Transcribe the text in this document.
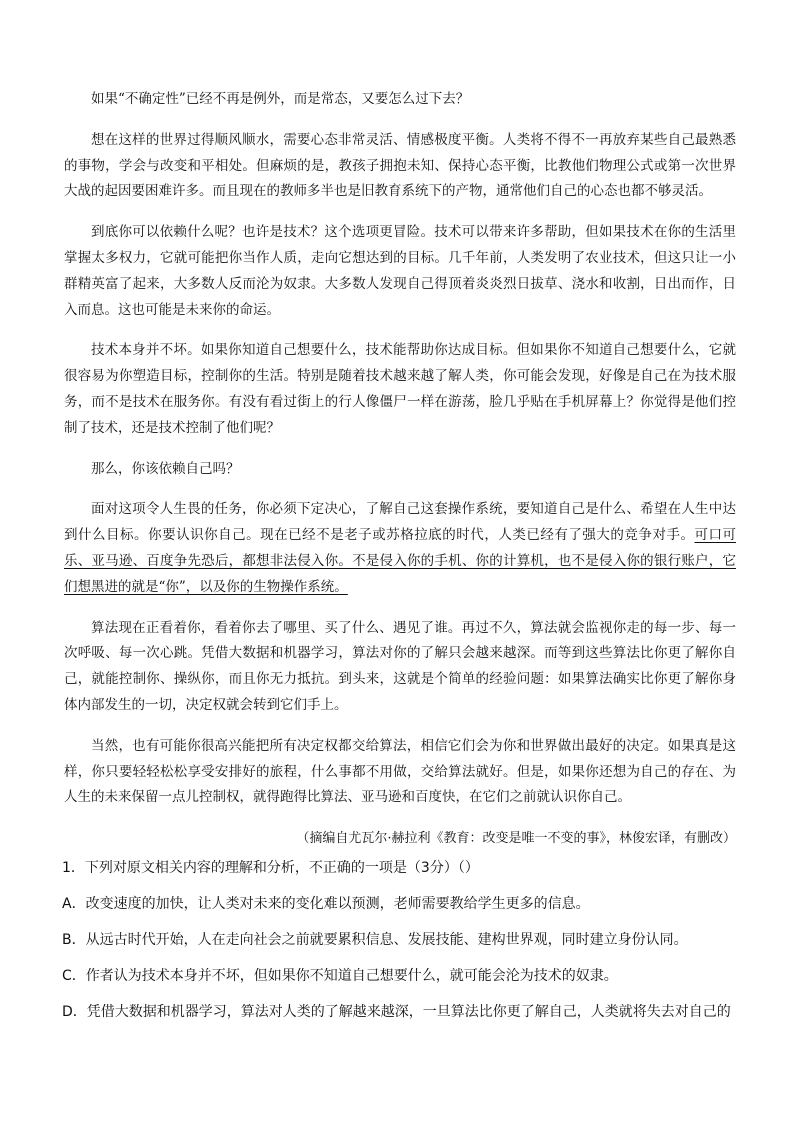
如果“不确定性”已经不再是例外，而是常态，又要怎么过下去？

想在这样的世界过得顺风顺水，需要心态非常灵活、情感极度平衡。人类将不得不一再放弃某些自己最熟悉的事物，学会与改变和平相处。但麻烦的是，教孩子拥抱未知、保持心态平衡，比教他们物理公式或第一次世界大战的起因要困难许多。而且现在的教师多半也是旧教育系统下的产物，通常他们自己的心态也都不够灵活。

到底你可以依赖什么呢？也许是技术？这个选项更冒险。技术可以带来许多帮助，但如果技术在你的生活里掌握太多权力，它就可能把你当作人质，走向它想达到的目标。几千年前，人类发明了农业技术，但这只让一小群精英富了起来，大多数人反而沦为奴隶。大多数人发现自己得顶着炎炎烈日拔草、浇水和收割，日出而作，日入而息。这也可能是未来你的命运。

技术本身并不坏。如果你知道自己想要什么，技术能帮助你达成目标。但如果你不知道自己想要什么，它就很容易为你塑造目标，控制你的生活。特别是随着技术越来越了解人类，你可能会发现，好像是自己在为技术服务，而不是技术在服务你。有没有看过街上的行人像僵尸一样在游荡，脸几乎贴在手机屏幕上？你觉得是他们控制了技术，还是技术控制了他们呢？

那么，你该依赖自己吗？

面对这项令人生畏的任务，你必须下定决心，了解自己这套操作系统，要知道自己是什么、希望在人生中达到什么目标。你要认识你自己。现在已经不是老子或苏格拉底的时代，人类已经有了强大的竞争对手。可口可乐、亚马逊、百度争先恐后，都想非法侵入你。不是侵入你的手机、你的计算机，也不是侵入你的银行账户，它们想黑进的就是“你”，以及你的生物操作系统。

算法现在正看着你，看着你去了哪里、买了什么、遇见了谁。再过不久，算法就会监视你走的每一步、每一次呼吸、每一次心跳。凭借大数据和机器学习，算法对你的了解只会越来越深。而等到这些算法比你更了解你自己，就能控制你、操纵你，而且你无力抵抗。到头来，这就是个简单的经验问题：如果算法确实比你更了解你身体内部发生的一切，决定权就会转到它们手上。

当然，也有可能你很高兴能把所有决定权都交给算法，相信它们会为你和世界做出最好的决定。如果真是这样，你只要轻轻松松享受安排好的旅程，什么事都不用做，交给算法就好。但是，如果你还想为自己的存在、为人生的未来保留一点儿控制权，就得跑得比算法、亚马逊和百度快，在它们之前就认识你自己。

（摘编自尤瓦尔·赫拉利《教育：改变是唯一不变的事》，林俊宏译，有删改）

1．下列对原文相关内容的理解和分析，不正确的一项是（3分）（）
A．改变速度的加快，让人类对未来的变化难以预测，老师需要教给学生更多的信息。
B．从远古时代开始，人在走向社会之前就要累积信息、发展技能、建构世界观，同时建立身份认同。
C．作者认为技术本身并不坏，但如果你不知道自己想要什么，就可能会沦为技术的奴隶。
D．凭借大数据和机器学习，算法对人类的了解越来越深，一旦算法比你更了解自己，人类就将失去对自己的
